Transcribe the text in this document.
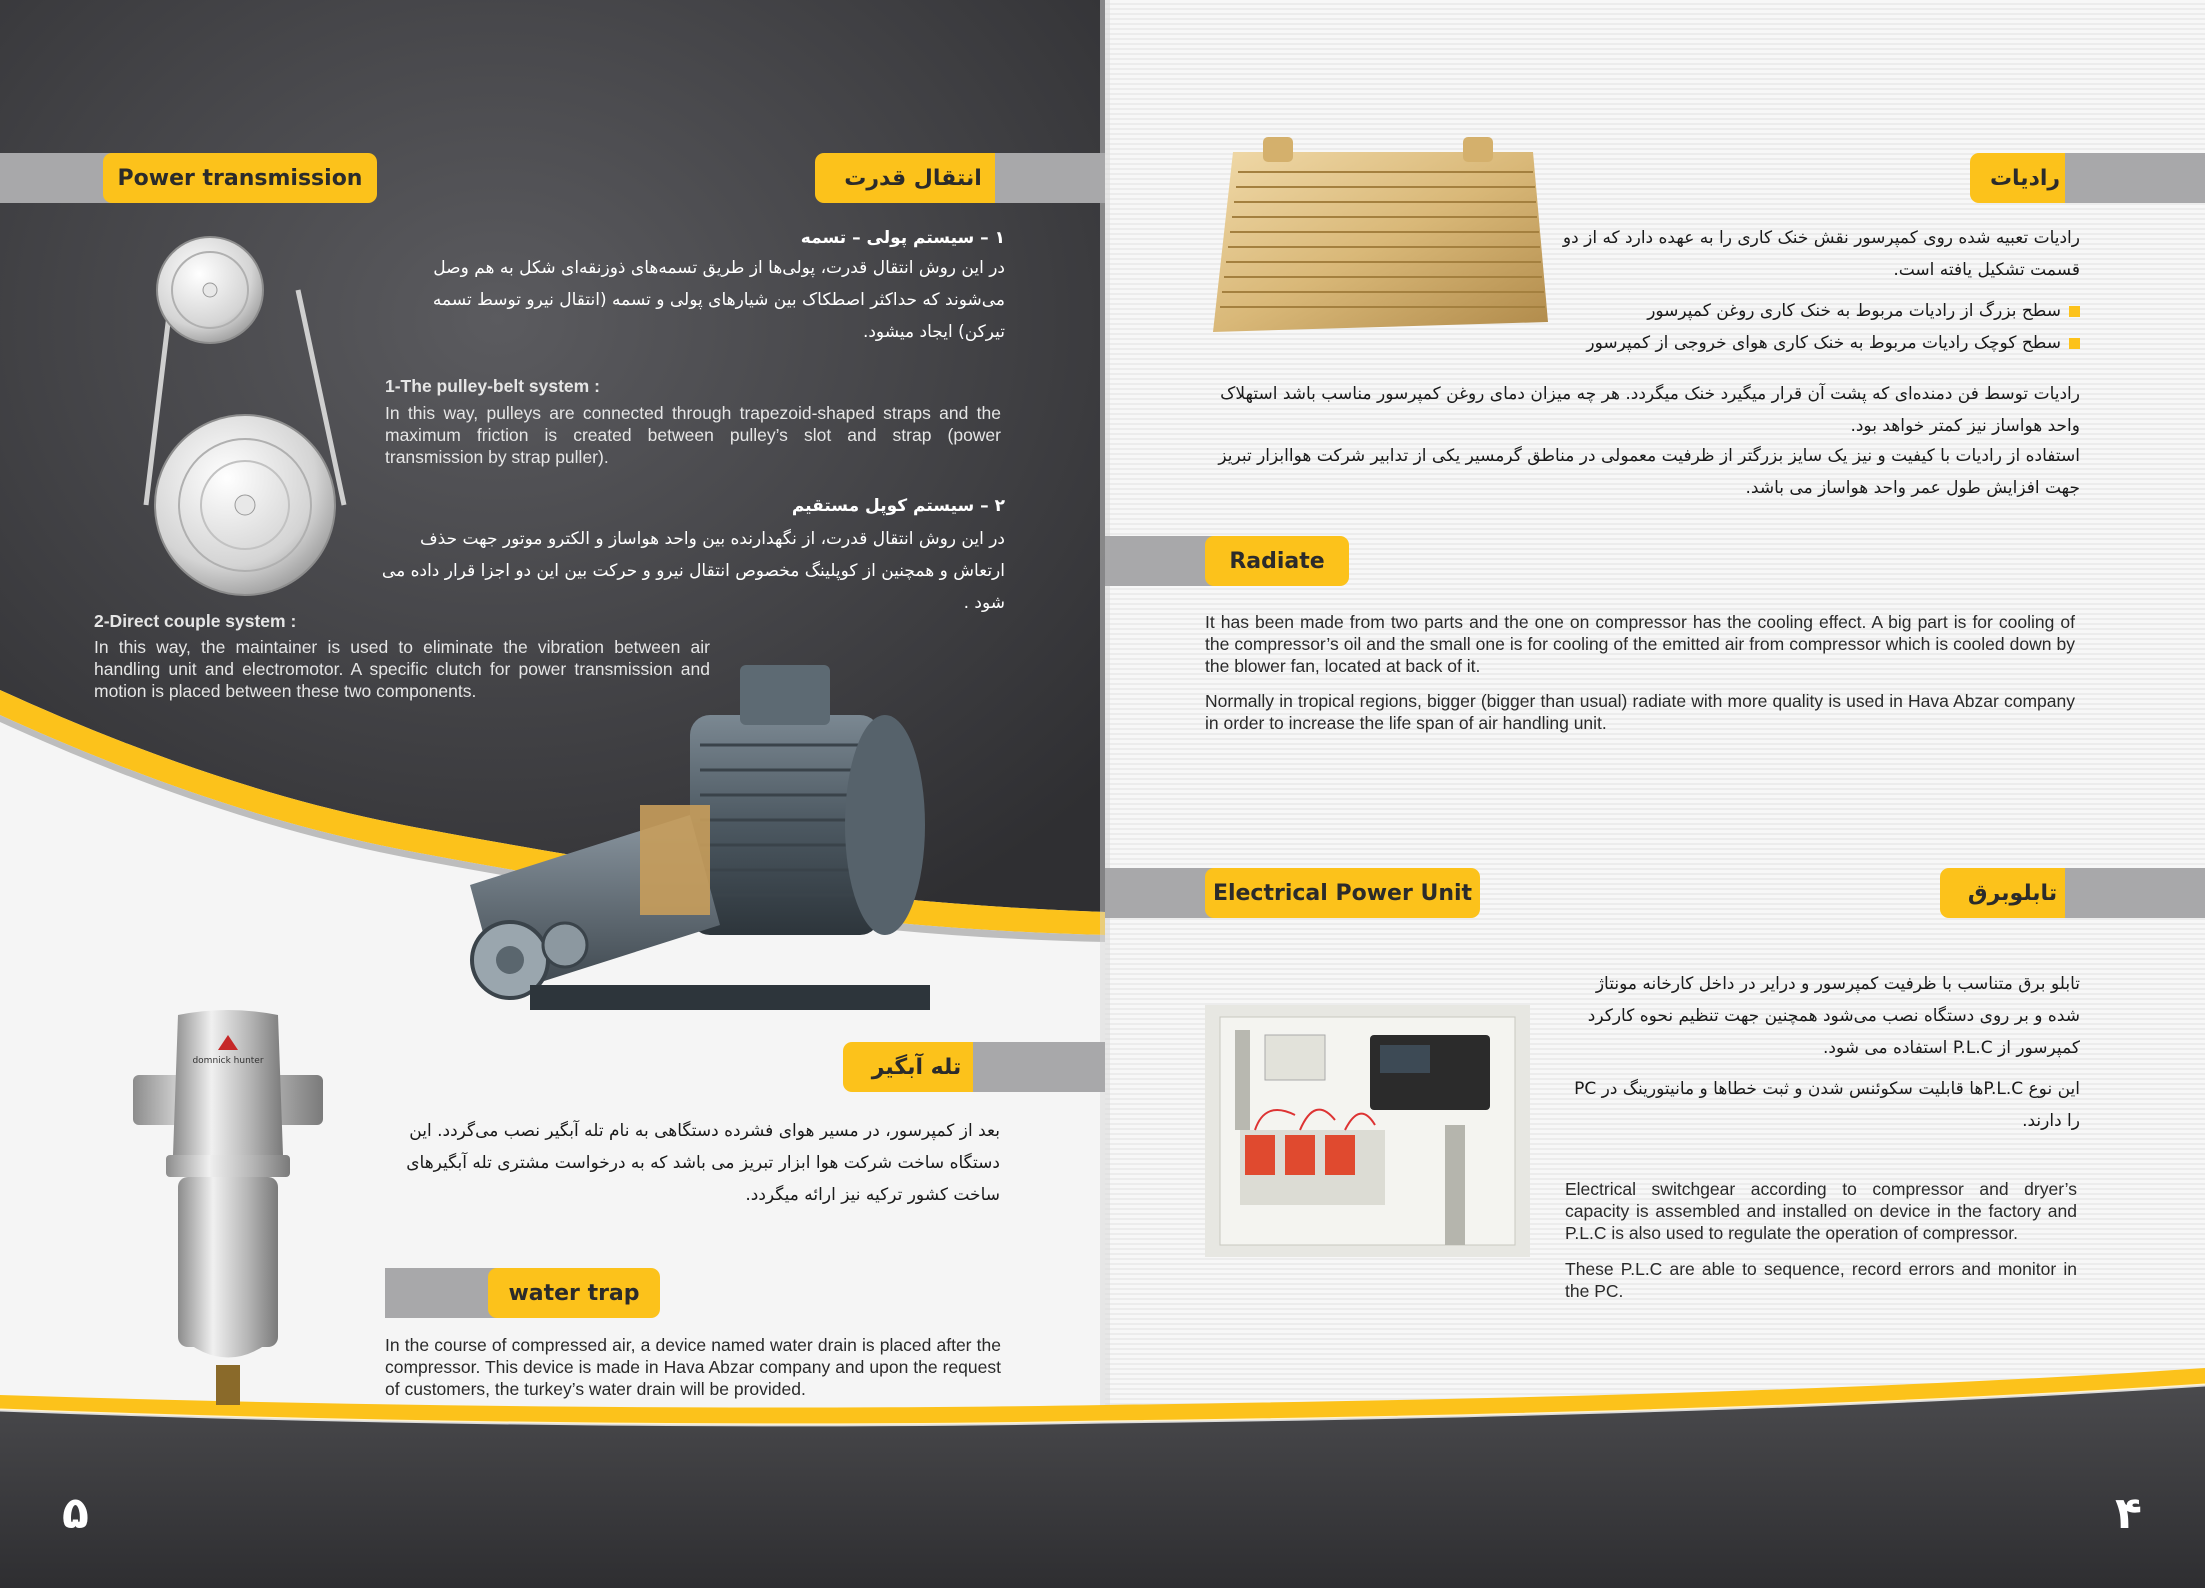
Power transmission	انتقال قدرت	رادیات
Radiate
Electrical Power Unit	تابلوبرق
تله آبگیر
water trap
۱ – سیستم پولی – تسمه
در این روش انتقال قدرت، پولی‌ها از طریق تسمه‌های ذوزنقه‌ای شکل به هم وصل می‌شوند که حداکثر اصطکاک بین شیارهای پولی و تسمه (انتقال نیرو توسط تسمه تیرکن) ایجاد میشود.
1-The pulley-belt system :
In this way, pulleys are connected through trapezoid-shaped straps and the maximum friction is created between pulley’s slot and strap (power transmission by strap puller).
۲ – سیستم کوپل مستقیم
در این روش انتقال قدرت، از نگهدارنده بین واحد هواساز و الکترو موتور جهت حذف ارتعاش و همچنین از کوپلینگ مخصوص انتقال نیرو و حرکت بین این دو اجزا قرار داده می شود .
2-Direct couple system :
In this way, the maintainer is used to eliminate the vibration between air handling unit and electromotor. A specific clutch for power transmission and motion is placed between these two components.
domnick hunter
بعد از کمپرسور، در مسیر هوای فشرده دستگاهی به نام تله آبگیر نصب می‌گردد. این دستگاه ساخت شرکت هوا ابزار تبریز می باشد که به درخواست مشتری تله آبگیرهای ساخت کشور ترکیه نیز ارائه میگردد.
In the course of compressed air, a device named water drain is placed after the compressor. This device is made in Hava Abzar company and upon the request of customers, the turkey’s water drain will be provided.
رادیات تعبیه شده روی کمپرسور نقش خنک کاری را به عهده دارد که از دو قسمت تشکیل یافته است.
سطح بزرگ از رادیات مربوط به خنک کاری روغن کمپرسور
سطح کوچک رادیات مربوط به خنک کاری هوای خروجی از کمپرسور
رادیات توسط فن دمنده‌ای که پشت آن قرار میگیرد خنک میگردد. هر چه میزان دمای روغن کمپرسور مناسب باشد استهلاک واحد هواساز نیز کمتر خواهد بود.
استفاده از رادیات با کیفیت و نیز یک سایز بزرگتر از ظرفیت معمولی در مناطق گرمسیر یکی از تدابیر شرکت هواابزار تبریز جهت افزایش طول عمر واحد هواساز می باشد.
It has been made from two parts and the one on compressor has the cooling effect. A big part is for cooling of the compressor’s oil and the small one is for cooling of the emitted air from compressor which is cooled down by the blower fan, located at back of it.
Normally in tropical regions, bigger (bigger than usual) radiate with more quality is used in Hava Abzar company in order to increase the life span of air handling unit.
تابلو برق متناسب با ظرفیت کمپرسور و درایر در داخل کارخانه مونتاژ شده و بر روی دستگاه نصب می‌شود همچنین جهت تنظیم نحوه کارکرد کمپرسور از P.L.C استفاده می شود.
این نوع P.L.Cها قابلیت سکوئنس شدن و ثبت خطاها و مانیتورینگ در PC را دارند.
Electrical switchgear according to compressor and dryer’s capacity is assembled and installed on device in the factory and P.L.C is also used to regulate the operation of compressor.
These P.L.C are able to sequence, record errors and monitor in the PC.
۵	۴
